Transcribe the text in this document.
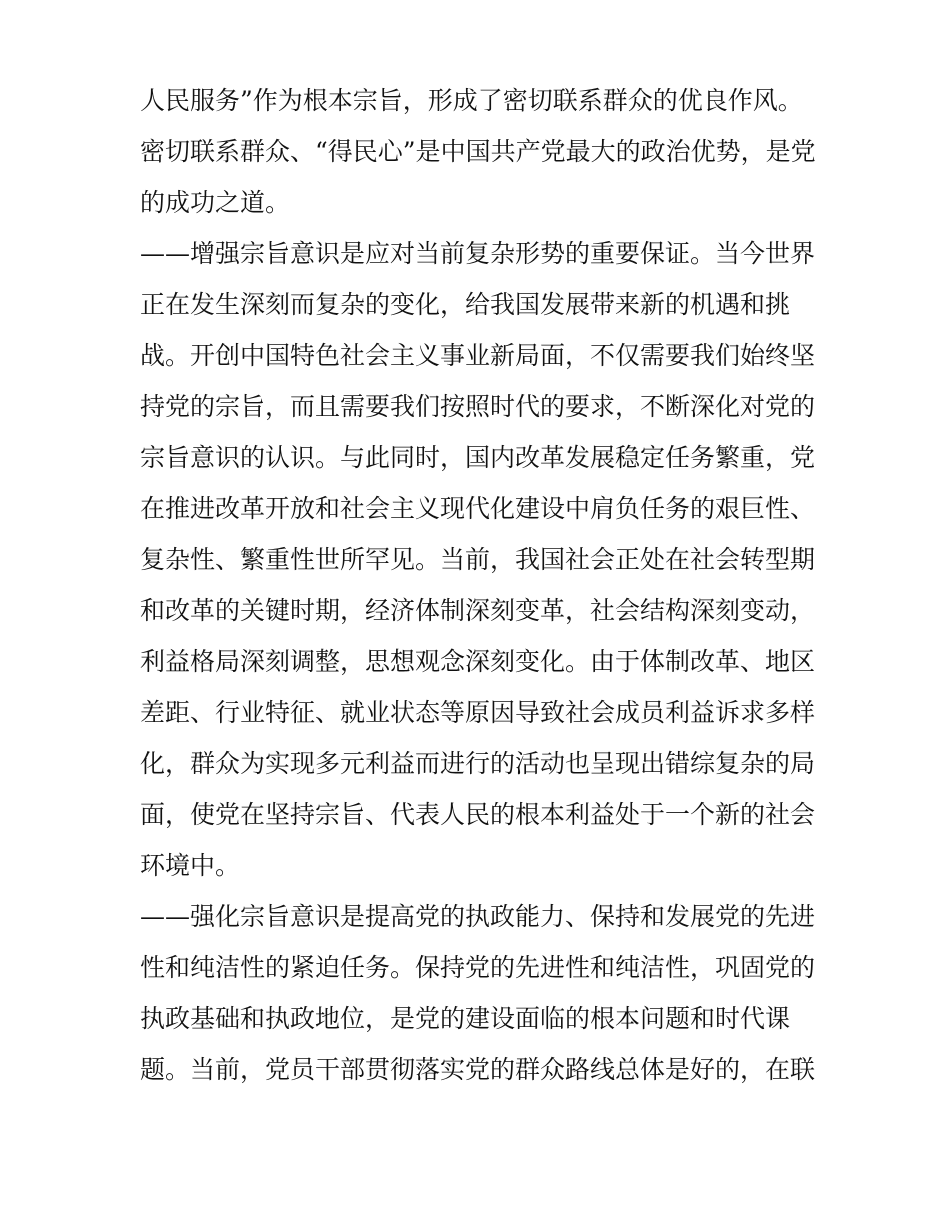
人民服务”作为根本宗旨，形成了密切联系群众的优良作风。
密切联系群众、“得民心”是中国共产党最大的政治优势，是党
的成功之道。
——增强宗旨意识是应对当前复杂形势的重要保证。当今世界
正在发生深刻而复杂的变化，给我国发展带来新的机遇和挑
战。开创中国特色社会主义事业新局面，不仅需要我们始终坚
持党的宗旨，而且需要我们按照时代的要求，不断深化对党的
宗旨意识的认识。与此同时，国内改革发展稳定任务繁重，党
在推进改革开放和社会主义现代化建设中肩负任务的艰巨性、
复杂性、繁重性世所罕见。当前，我国社会正处在社会转型期
和改革的关键时期，经济体制深刻变革，社会结构深刻变动，
利益格局深刻调整，思想观念深刻变化。由于体制改革、地区
差距、行业特征、就业状态等原因导致社会成员利益诉求多样
化，群众为实现多元利益而进行的活动也呈现出错综复杂的局
面，使党在坚持宗旨、代表人民的根本利益处于一个新的社会
环境中。
——强化宗旨意识是提高党的执政能力、保持和发展党的先进
性和纯洁性的紧迫任务。保持党的先进性和纯洁性，巩固党的
执政基础和执政地位，是党的建设面临的根本问题和时代课
题。当前，党员干部贯彻落实党的群众路线总体是好的，在联
